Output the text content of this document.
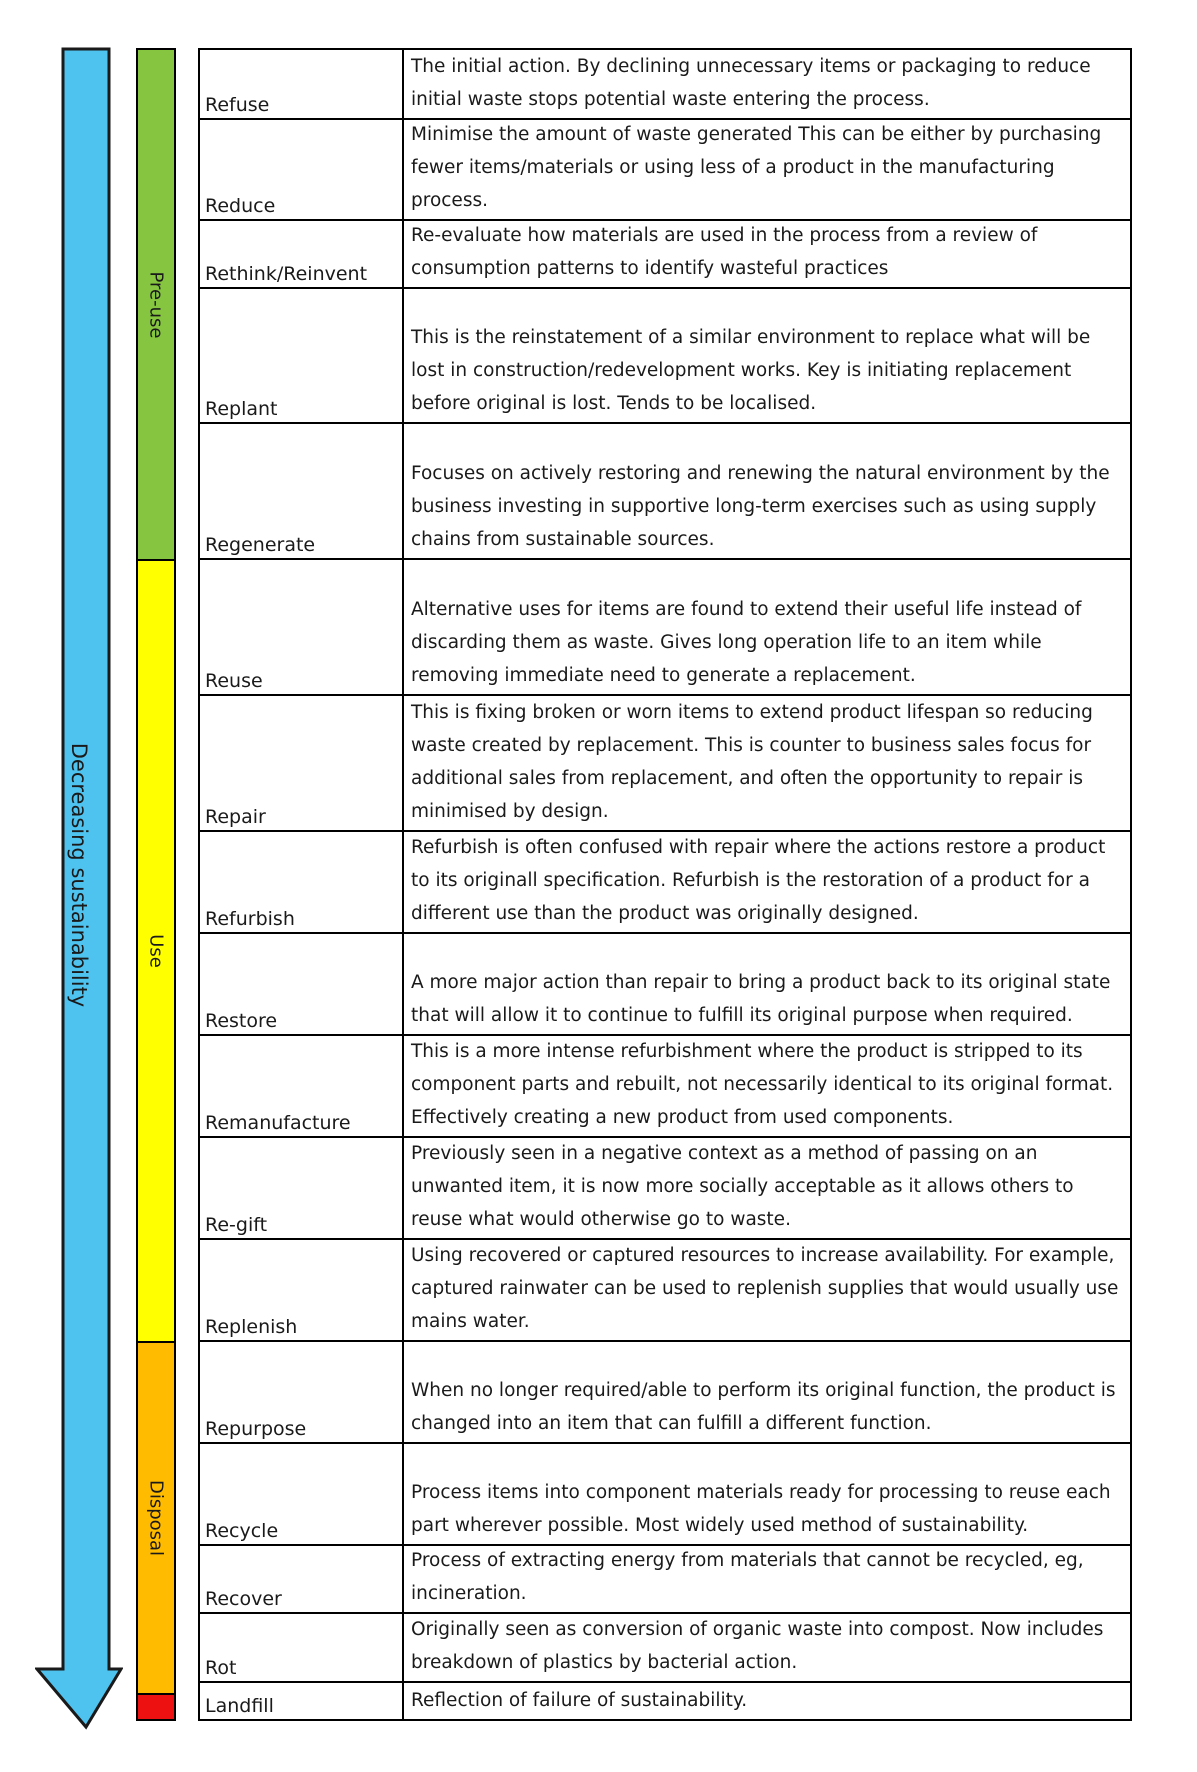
Decreasing sustainability
Pre-use
Use
Disposal
Refuse
The initial action. By declining unnecessary items or packaging to reduce initial waste stops potential waste entering the process.
Reduce
Minimise the amount of waste generated This can be either by purchasing fewer items/materials or using less of a product in the manufacturing process.
Rethink/Reinvent
Re-evaluate how materials are used in the process from a review of consumption patterns to identify wasteful practices
Replant
This is the reinstatement of a similar environment to replace what will be lost in construction/redevelopment works. Key is initiating replacement before original is lost. Tends to be localised.
Regenerate
Focuses on actively restoring and renewing the natural environment by the business investing in supportive long-term exercises such as using supply chains from sustainable sources.
Reuse
Alternative uses for items are found to extend their useful life instead of discarding them as waste. Gives long operation life to an item while removing immediate need to generate a replacement.
Repair
This is fixing broken or worn items to extend product lifespan so reducing waste created by replacement. This is counter to business sales focus for additional sales from replacement, and often the opportunity to repair is minimised by design.
Refurbish
Refurbish is often confused with repair where the actions restore a product to its originall specification. Refurbish is the restoration of a product for a different use than the product was originally designed.
Restore
A more major action than repair to bring a product back to its original state that will allow it to continue to fulfill its original purpose when required.
Remanufacture
This is a more intense refurbishment where the product is stripped to its component parts and rebuilt, not necessarily identical to its original format. Effectively creating a new product from used components.
Re-gift
Previously seen in a negative context as a method of passing on an unwanted item, it is now more socially acceptable as it allows others to reuse what would otherwise go to waste.
Replenish
Using recovered or captured resources to increase availability. For example, captured rainwater can be used to replenish supplies that would usually use mains water.
Repurpose
When no longer required/able to perform its original function, the product is changed into an item that can fulfill a different function.
Recycle
Process items into component materials ready for processing to reuse each part wherever possible. Most widely used method of sustainability.
Recover
Process of extracting energy from materials that cannot be recycled, eg, incineration.
Rot
Originally seen as conversion of organic waste into compost. Now includes breakdown of plastics by bacterial action.
Landfill	Reflection of failure of sustainability.
